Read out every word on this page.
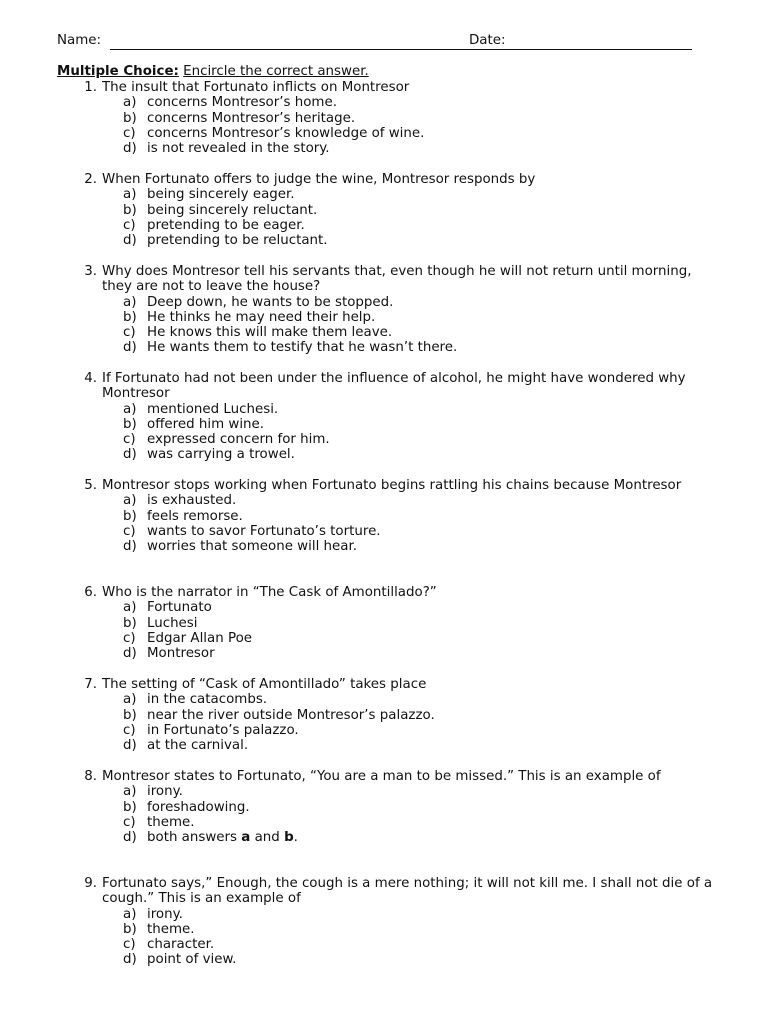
Name:	Date:
Multiple Choice: Encircle the correct answer.
1. The insult that Fortunato inflicts on Montresor
a) concerns Montresor’s home.
b) concerns Montresor’s heritage.
c) concerns Montresor’s knowledge of wine.
d) is not revealed in the story.
2. When Fortunato offers to judge the wine, Montresor responds by
a) being sincerely eager.
b) being sincerely reluctant.
c) pretending to be eager.
d) pretending to be reluctant.
3. Why does Montresor tell his servants that, even though he will not return until morning, they are not to leave the house?
a) Deep down, he wants to be stopped.
b) He thinks he may need their help.
c) He knows this will make them leave.
d) He wants them to testify that he wasn’t there.
4. If Fortunato had not been under the influence of alcohol, he might have wondered why Montresor
a) mentioned Luchesi.
b) offered him wine.
c) expressed concern for him.
d) was carrying a trowel.
5. Montresor stops working when Fortunato begins rattling his chains because Montresor
a) is exhausted.
b) feels remorse.
c) wants to savor Fortunato’s torture.
d) worries that someone will hear.
6. Who is the narrator in “The Cask of Amontillado?”
a) Fortunato
b) Luchesi
c) Edgar Allan Poe
d) Montresor
7. The setting of “Cask of Amontillado” takes place
a) in the catacombs.
b) near the river outside Montresor’s palazzo.
c) in Fortunato’s palazzo.
d) at the carnival.
8. Montresor states to Fortunato, “You are a man to be missed.” This is an example of
a) irony.
b) foreshadowing.
c) theme.
d) both answers a and b.
9. Fortunato says,” Enough, the cough is a mere nothing; it will not kill me. I shall not die of a cough.” This is an example of
a) irony.
b) theme.
c) character.
d) point of view.
